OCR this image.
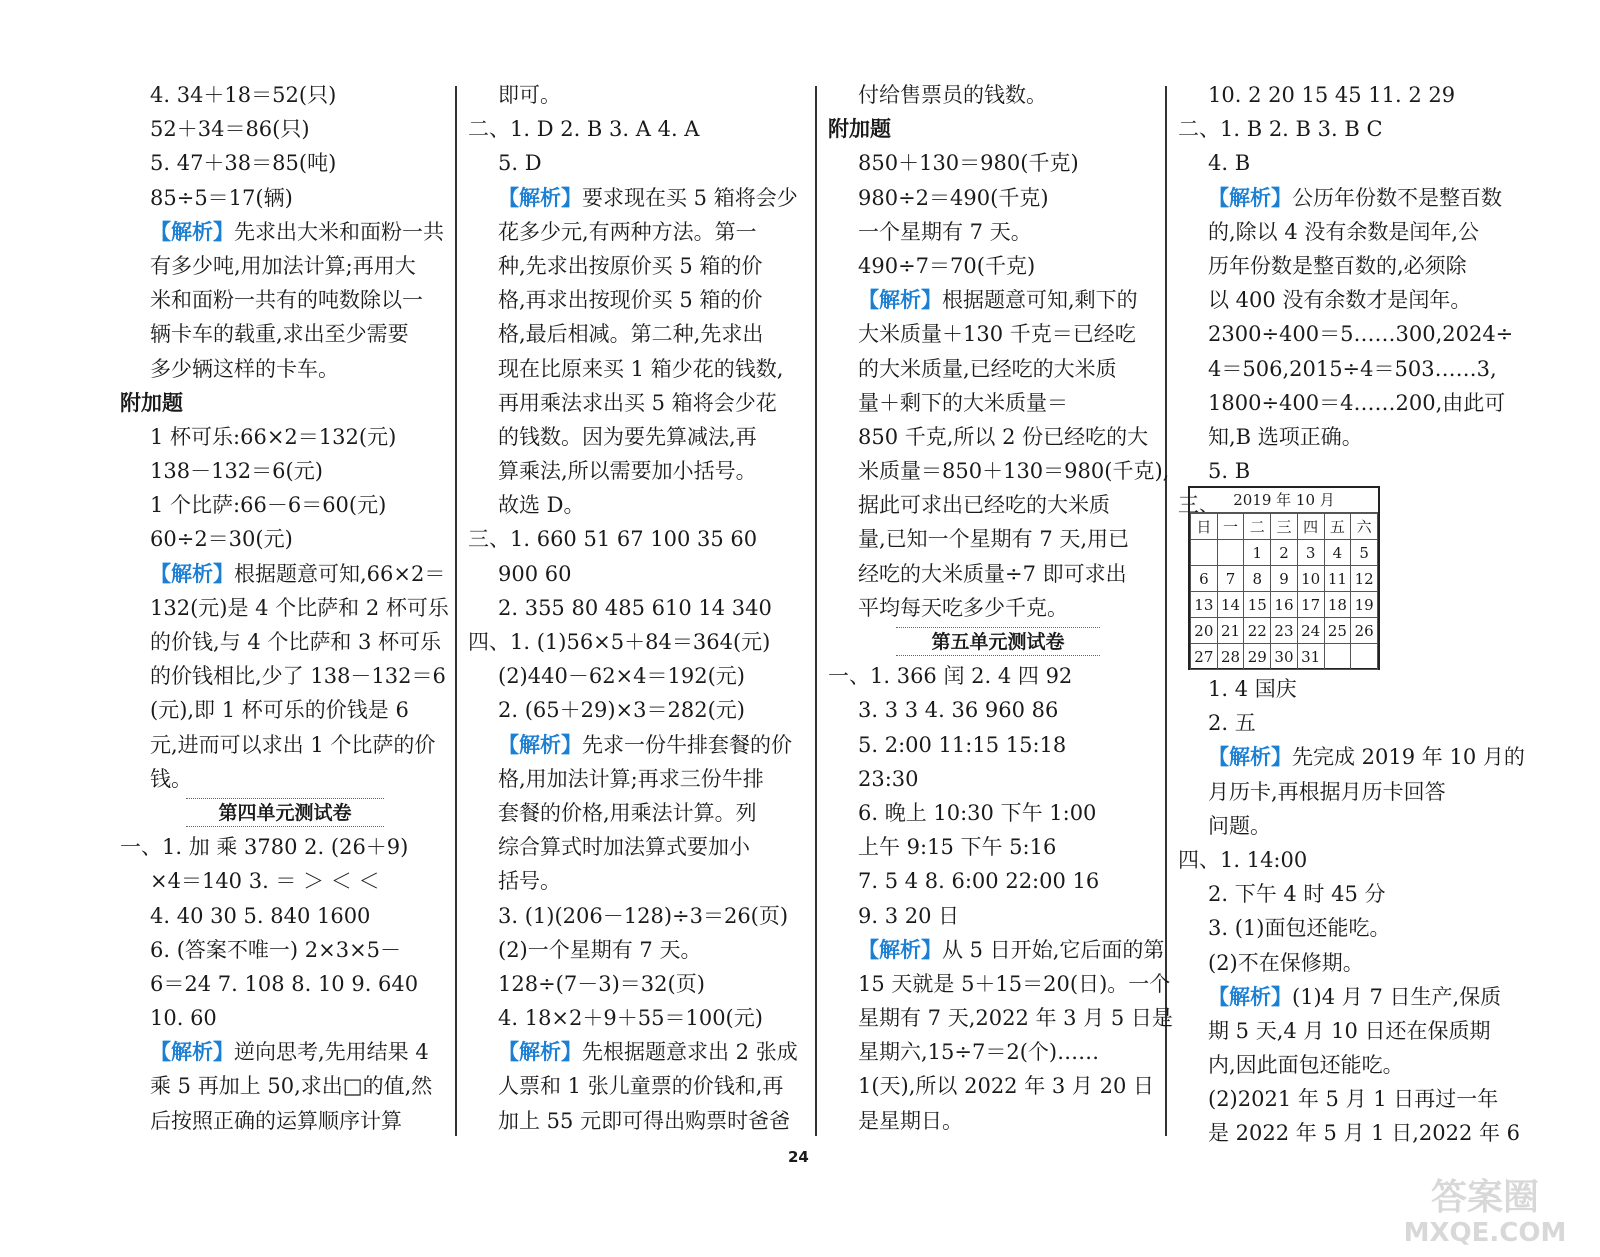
4. 34＋18＝52(只)
52＋34＝86(只)
5. 47＋38＝85(吨)
85÷5＝17(辆)
【解析】先求出大米和面粉一共
有多少吨,用加法计算;再用大
米和面粉一共有的吨数除以一
辆卡车的载重,求出至少需要
多少辆这样的卡车。
附加题
1 杯可乐:66×2＝132(元)
138－132＝6(元)
1 个比萨:66－6＝60(元)
60÷2＝30(元)
【解析】根据题意可知,66×2＝
132(元)是 4 个比萨和 2 杯可乐
的价钱,与 4 个比萨和 3 杯可乐
的价钱相比,少了 138－132＝6
(元),即 1 杯可乐的价钱是 6
元,进而可以求出 1 个比萨的价
钱。
第四单元测试卷
一、1. 加 乘 3780 2. (26＋9)
×4＝140 3. ＝ ＞ ＜ ＜
4. 40 30 5. 840 1600
6. (答案不唯一) 2×3×5－
6＝24 7. 108 8. 10 9. 640
10. 60
【解析】逆向思考,先用结果 4
乘 5 再加上 50,求出□的值,然
后按照正确的运算顺序计算
即可。
二、1. D 2. B 3. A 4. A
5. D
【解析】要求现在买 5 箱将会少
花多少元,有两种方法。第一
种,先求出按原价买 5 箱的价
格,再求出按现价买 5 箱的价
格,最后相减。第二种,先求出
现在比原来买 1 箱少花的钱数,
再用乘法求出买 5 箱将会少花
的钱数。因为要先算减法,再
算乘法,所以需要加小括号。
故选 D。
三、1. 660 51 67 100 35 60
900 60
2. 355 80 485 610 14 340
四、1. (1)56×5＋84＝364(元)
(2)440－62×4＝192(元)
2. (65＋29)×3＝282(元)
【解析】先求一份牛排套餐的价
格,用加法计算;再求三份牛排
套餐的价格,用乘法计算。列
综合算式时加法算式要加小
括号。
3. (1)(206－128)÷3＝26(页)
(2)一个星期有 7 天。
128÷(7－3)＝32(页)
4. 18×2＋9＋55＝100(元)
【解析】先根据题意求出 2 张成
人票和 1 张儿童票的价钱和,再
加上 55 元即可得出购票时爸爸
付给售票员的钱数。
附加题
850＋130＝980(千克)
980÷2＝490(千克)
一个星期有 7 天。
490÷7＝70(千克)
【解析】根据题意可知,剩下的
大米质量＋130 千克＝已经吃
的大米质量,已经吃的大米质
量＋剩下的大米质量＝
850 千克,所以 2 份已经吃的大
米质量＝850＋130＝980(千克),
据此可求出已经吃的大米质
量,已知一个星期有 7 天,用已
经吃的大米质量÷7 即可求出
平均每天吃多少千克。
第五单元测试卷
一、1. 366 闰 2. 4 四 92
3. 3 3 4. 36 960 86
5. 2:00 11:15 15:18
23:30
6. 晚上 10:30 下午 1:00
上午 9:15 下午 5:16
7. 5 4 8. 6:00 22:00 16
9. 3 20 日
【解析】从 5 日开始,它后面的第
15 天就是 5＋15＝20(日)。一个
星期有 7 天,2022 年 3 月 5 日是
星期六,15÷7＝2(个)……
1(天),所以 2022 年 3 月 20 日
是星期日。
10. 2 20 15 45 11. 2 29
二、1. B 2. B 3. B C
4. B
【解析】公历年份数不是整百数
的,除以 4 没有余数是闰年,公
历年份数是整百数的,必须除
以 400 没有余数才是闰年。
2300÷400＝5……300,2024÷
4＝506,2015÷4＝503……3,
1800÷400＝4……200,由此可
知,B 选项正确。
5. B
三、 2019 年 10 月
日	一	二	三	四	五	六
		1	2	3	4	5
6	7	8	9	10	11	12
13	14	15	16	17	18	19
20	21	22	23	24	25	26
27	28	29	30	31		
1. 4 国庆
2. 五
【解析】先完成 2019 年 10 月的
月历卡,再根据月历卡回答
问题。
四、1. 14:00
2. 下午 4 时 45 分
3. (1)面包还能吃。
(2)不在保修期。
【解析】(1)4 月 7 日生产,保质
期 5 天,4 月 10 日还在保质期
内,因此面包还能吃。
(2)2021 年 5 月 1 日再过一年
是 2022 年 5 月 1 日,2022 年 6
24
答案圈
MXQE.COM
